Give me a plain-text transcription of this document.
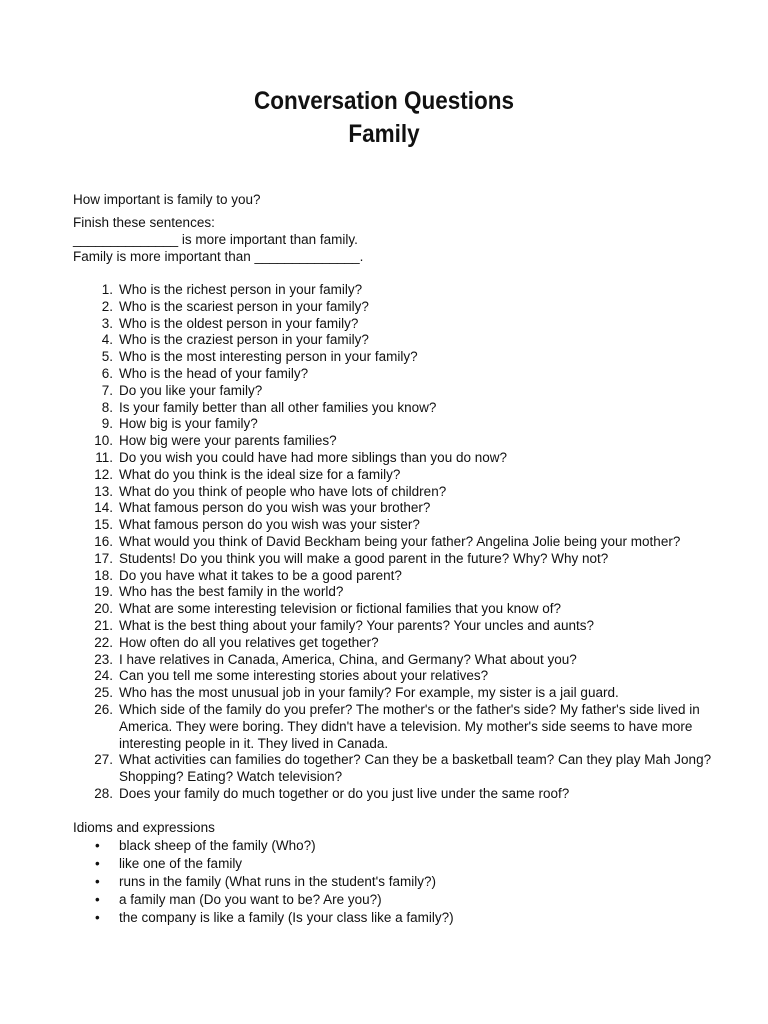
Conversation Questions
Family

How important is family to you?

Finish these sentences:

______________ is more important than family.

Family is more important than ______________.

1. Who is the richest person in your family?
2. Who is the scariest person in your family?
3. Who is the oldest person in your family?
4. Who is the craziest person in your family?
5. Who is the most interesting person in your family?
6. Who is the head of your family?
7. Do you like your family?
8. Is your family better than all other families you know?
9. How big is your family?
10. How big were your parents families?
11. Do you wish you could have had more siblings than you do now?
12. What do you think is the ideal size for a family?
13. What do you think of people who have lots of children?
14. What famous person do you wish was your brother?
15. What famous person do you wish was your sister?
16. What would you think of David Beckham being your father? Angelina Jolie being your mother?
17. Students! Do you think you will make a good parent in the future? Why? Why not?
18. Do you have what it takes to be a good parent?
19. Who has the best family in the world?
20. What are some interesting television or fictional families that you know of?
21. What is the best thing about your family? Your parents? Your uncles and aunts?
22. How often do all you relatives get together?
23. I have relatives in Canada, America, China, and Germany? What about you?
24. Can you tell me some interesting stories about your relatives?
25. Who has the most unusual job in your family? For example, my sister is a jail guard.
26. Which side of the family do you prefer? The mother's or the father's side? My father's side lived in America. They were boring. They didn't have a television. My mother's side seems to have more interesting people in it. They lived in Canada.
27. What activities can families do together? Can they be a basketball team? Can they play Mah Jong? Shopping? Eating? Watch television?
28. Does your family do much together or do you just live under the same roof?

Idioms and expressions

• black sheep of the family (Who?)
• like one of the family
• runs in the family (What runs in the student's family?)
• a family man (Do you want to be? Are you?)
• the company is like a family (Is your class like a family?)
